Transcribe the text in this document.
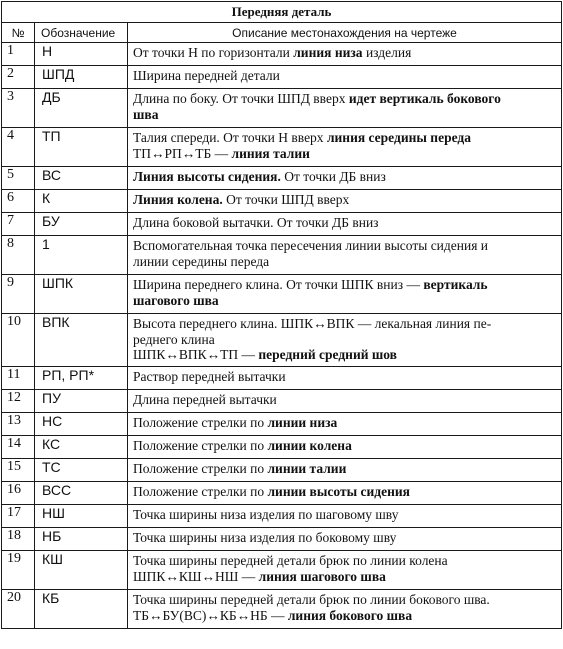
Передняя деталь		
№	Обозначение	Описание местонахождения на чертеже
1	Н	От точки Н по горизонтали линия низа изделия

2	ШПД	Ширина передней детали

3	ДБ	Длина по боку. От точки ШПД вверх идет вертикаль бокового
шва

4	ТП	Талия спереди. От точки Н вверх линия середины переда
ТП↔РП↔ТБ — линия талии

5	ВС	Линия высоты сидения. От точки ДБ вниз

6	К	Линия колена. От точки ШПД вверх

7	БУ	Длина боковой вытачки. От точки ДБ вниз

8	1	Вспомогательная точка пересечения линии высоты сидения и
линии середины переда

9	ШПК	Ширина переднего клина. От точки ШПК вниз — вертикаль
шагового шва

10	ВПК	Высота переднего клина. ШПК↔ВПК — лекальная линия пе-
реднего клина
ШПК↔ВПК↔ТП — передний средний шов

11	РП, РП*	Раствор передней вытачки

12	ПУ	Длина передней вытачки

13	НС	Положение стрелки по линии низа

14	КС	Положение стрелки по линии колена

15	ТС	Положение стрелки по линии талии

16	ВСС	Положение стрелки по линии высоты сидения

17	НШ	Точка ширины низа изделия по шаговому шву

18	НБ	Точка ширины низа изделия по боковому шву

19	КШ	Точка ширины передней детали брюк по линии колена
ШПК↔КШ↔НШ — линия шагового шва

20	КБ	Точка ширины передней детали брюк по линии бокового шва.
ТБ↔БУ(ВС)↔КБ↔НБ — линия бокового шва
